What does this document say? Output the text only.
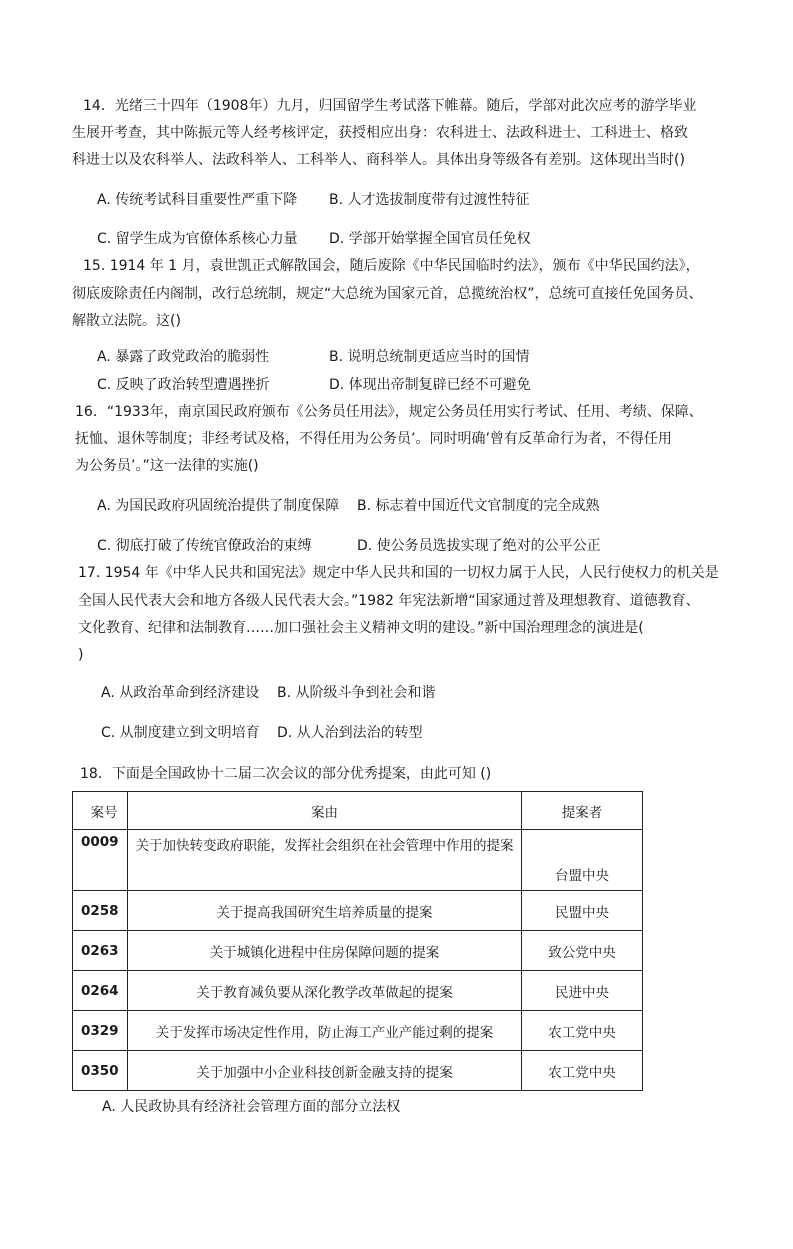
14．光绪三十四年（1908年）九月，归国留学生考试落下帷幕。随后，学部对此次应考的游学毕业
生展开考查，其中陈振元等人经考核评定，获授相应出身：农科进士、法政科进士、工科进士、格致
科进士以及农科举人、法政科举人、工科举人、商科举人。具体出身等级各有差别。这体现出当时()
A. 传统考试科目重要性严重下降 B. 人才选拔制度带有过渡性特征
C. 留学生成为官僚体系核心力量 D. 学部开始掌握全国官员任免权
15. 1914 年 1 月，袁世凯正式解散国会，随后废除《中华民国临时约法》，颁布《中华民国约法》，
彻底废除责任内阁制，改行总统制，规定“大总统为国家元首，总揽统治权”，总统可直接任免国务员、
解散立法院。这()
A. 暴露了政党政治的脆弱性	B. 说明总统制更适应当时的国情
C. 反映了政治转型遭遇挫折	D. 体现出帝制复辟已经不可避免
16．“1933年，南京国民政府颁布《公务员任用法》，规定公务员任用实行考试、任用、考绩、保障、
抚恤、退休等制度；非经考试及格，不得任用为公务员’。同时明确’曾有反革命行为者，不得任用
为公务员’。”这一法律的实施()
A. 为国民政府巩固统治提供了制度保障 B. 标志着中国近代文官制度的完全成熟
C. 彻底打破了传统官僚政治的束缚	D. 使公务员选拔实现了绝对的公平公正
17. 1954 年《中华人民共和国宪法》规定中华人民共和国的一切权力属于人民，人民行使权力的机关是
全国人民代表大会和地方各级人民代表大会。”1982 年宪法新增“国家通过普及理想教育、道德教育、
文化教育、纪律和法制教育……加口强社会主义精神文明的建设。”新中国治理理念的演进是(
)
A. 从政治革命到经济建设 B. 从阶级斗争到社会和谐
C. 从制度建立到文明培育 D. 从人治到法治的转型
18．下面是全国政协十二届二次会议的部分优秀提案，由此可知 ()
案号	案由	提案者
0009	关于加快转变政府职能，发挥社会组织在社会管理中作用的提案	台盟中央
0258	关于提高我国研究生培养质量的提案	民盟中央
0263	关于城镇化进程中住房保障问题的提案	致公党中央
0264	关于教育减负要从深化教学改革做起的提案	民进中央
0329	关于发挥市场决定性作用，防止海工产业产能过剩的提案	农工党中央
0350	关于加强中小企业科技创新金融支持的提案	农工党中央
A. 人民政协具有经济社会管理方面的部分立法权
